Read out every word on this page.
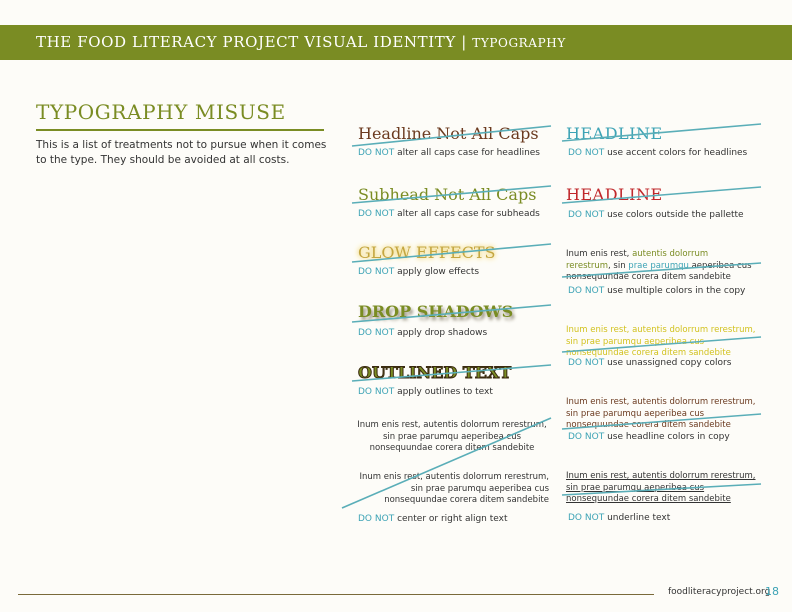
THE FOOD LITERACY PROJECT VISUAL IDENTITY | TYPOGRAPHY
TYPOGRAPHY MISUSE
This is a list of treatments not to pursue when it comes to the type. They should be avoided at all costs.
Headline Not All Caps
DO NOT alter all caps case for headlines
Subhead Not All Caps
DO NOT alter all caps case for subheads
GLOW EFFECTS
DO NOT apply glow effects
DROP SHADOWS
DO NOT apply drop shadows
OUTLINED TEXT
DO NOT apply outlines to text
Inum enis rest, autentis dolorrum rerestrum, sin prae parumqu aeperibea cus nonsequundae corera ditem sandebite
Inum enis rest, autentis dolorrum rerestrum, sin prae parumqu aeperibea cus nonsequundae corera ditem sandebite
DO NOT center or right align text
HEADLINE
DO NOT use accent colors for headlines
HEADLINE
DO NOT use colors outside the pallette
Inum enis rest, autentis dolorrum
rerestrum, sin prae parumqu aeperibea cus nonsequundae corera ditem sandebite
DO NOT use multiple colors in the copy
Inum enis rest, autentis dolorrum rerestrum, sin prae parumqu aeperibea cus nonsequundae corera ditem sandebite
DO NOT use unassigned copy colors
Inum enis rest, autentis dolorrum rerestrum, sin prae parumqu aeperibea cus nonsequundae corera ditem sandebite
DO NOT use headline colors in copy
Inum enis rest, autentis dolorrum rerestrum, sin prae parumqu aeperibea cus nonsequundae corera ditem sandebite
DO NOT underline text
foodliteracyproject.org
18
